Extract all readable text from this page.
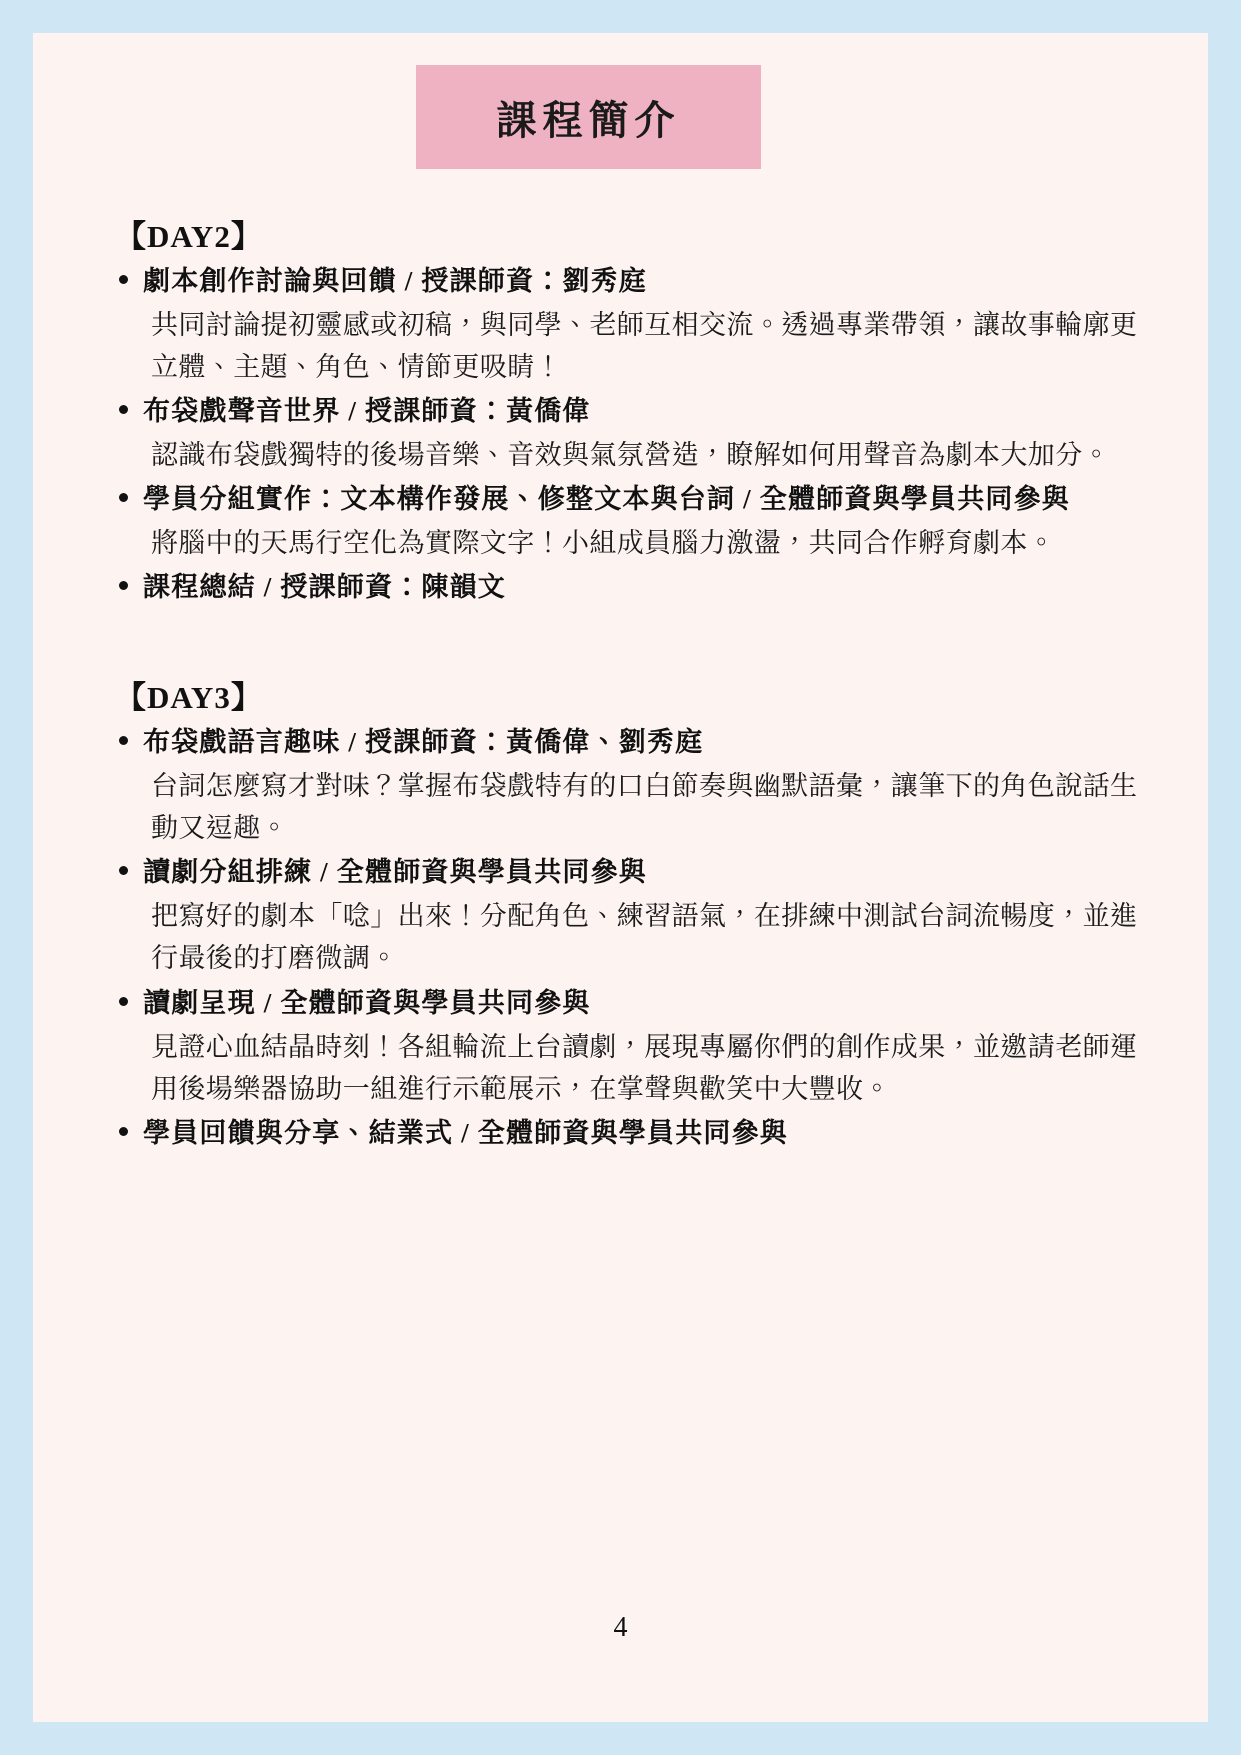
課程簡介
【DAY2】
劇本創作討論與回饋 / 授課師資：劉秀庭
共同討論提初靈感或初稿，與同學、老師互相交流。透過專業帶領，讓故事輪廓更立體、主題、角色、情節更吸睛！
布袋戲聲音世界 / 授課師資：黃僑偉
認識布袋戲獨特的後場音樂、音效與氣氛營造，瞭解如何用聲音為劇本大加分。
學員分組實作：文本構作發展、修整文本與台詞 / 全體師資與學員共同參與
將腦中的天馬行空化為實際文字！小組成員腦力激盪，共同合作孵育劇本。
課程總結 / 授課師資：陳韻文
【DAY3】
布袋戲語言趣味 / 授課師資：黃僑偉、劉秀庭
台詞怎麼寫才對味？掌握布袋戲特有的口白節奏與幽默語彙，讓筆下的角色說話生動又逗趣。
讀劇分組排練 / 全體師資與學員共同參與
把寫好的劇本「唸」出來！分配角色、練習語氣，在排練中測試台詞流暢度，並進行最後的打磨微調。
讀劇呈現 / 全體師資與學員共同參與
見證心血結晶時刻！各組輪流上台讀劇，展現專屬你們的創作成果，並邀請老師運用後場樂器協助一組進行示範展示，在掌聲與歡笑中大豐收。
學員回饋與分享、結業式 / 全體師資與學員共同參與
4
